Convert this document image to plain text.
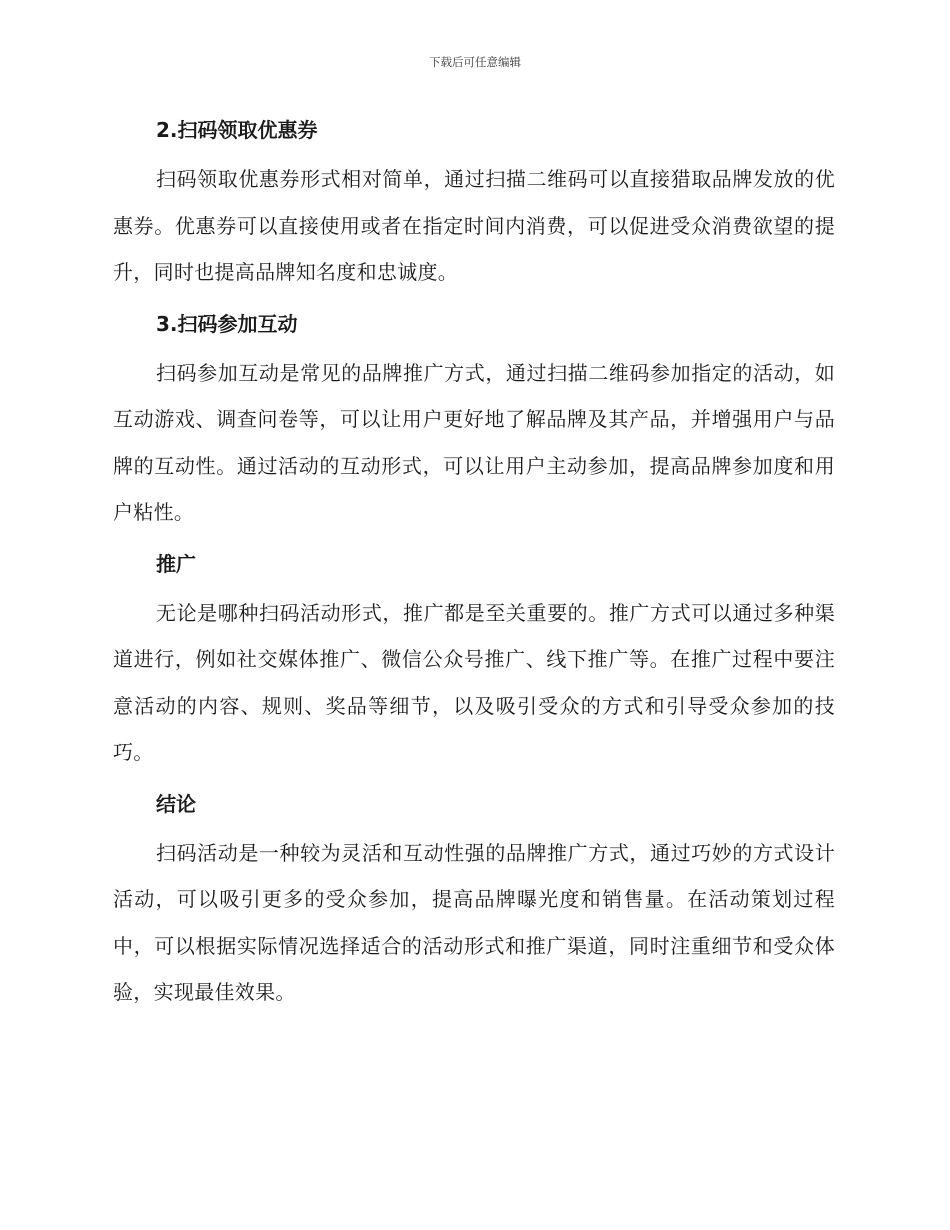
下载后可任意编辑
2.扫码领取优惠券

扫码领取优惠券形式相对简单，通过扫描二维码可以直接猎取品牌发放的优惠券。优惠券可以直接使用或者在指定时间内消费，可以促进受众消费欲望的提升，同时也提高品牌知名度和忠诚度。

3.扫码参加互动

扫码参加互动是常见的品牌推广方式，通过扫描二维码参加指定的活动，如互动游戏、调查问卷等，可以让用户更好地了解品牌及其产品，并增强用户与品牌的互动性。通过活动的互动形式，可以让用户主动参加，提高品牌参加度和用户粘性。

推广

无论是哪种扫码活动形式，推广都是至关重要的。推广方式可以通过多种渠道进行，例如社交媒体推广、微信公众号推广、线下推广等。在推广过程中要注意活动的内容、规则、奖品等细节，以及吸引受众的方式和引导受众参加的技巧。

结论

扫码活动是一种较为灵活和互动性强的品牌推广方式，通过巧妙的方式设计活动，可以吸引更多的受众参加，提高品牌曝光度和销售量。在活动策划过程中，可以根据实际情况选择适合的活动形式和推广渠道，同时注重细节和受众体验，实现最佳效果。
